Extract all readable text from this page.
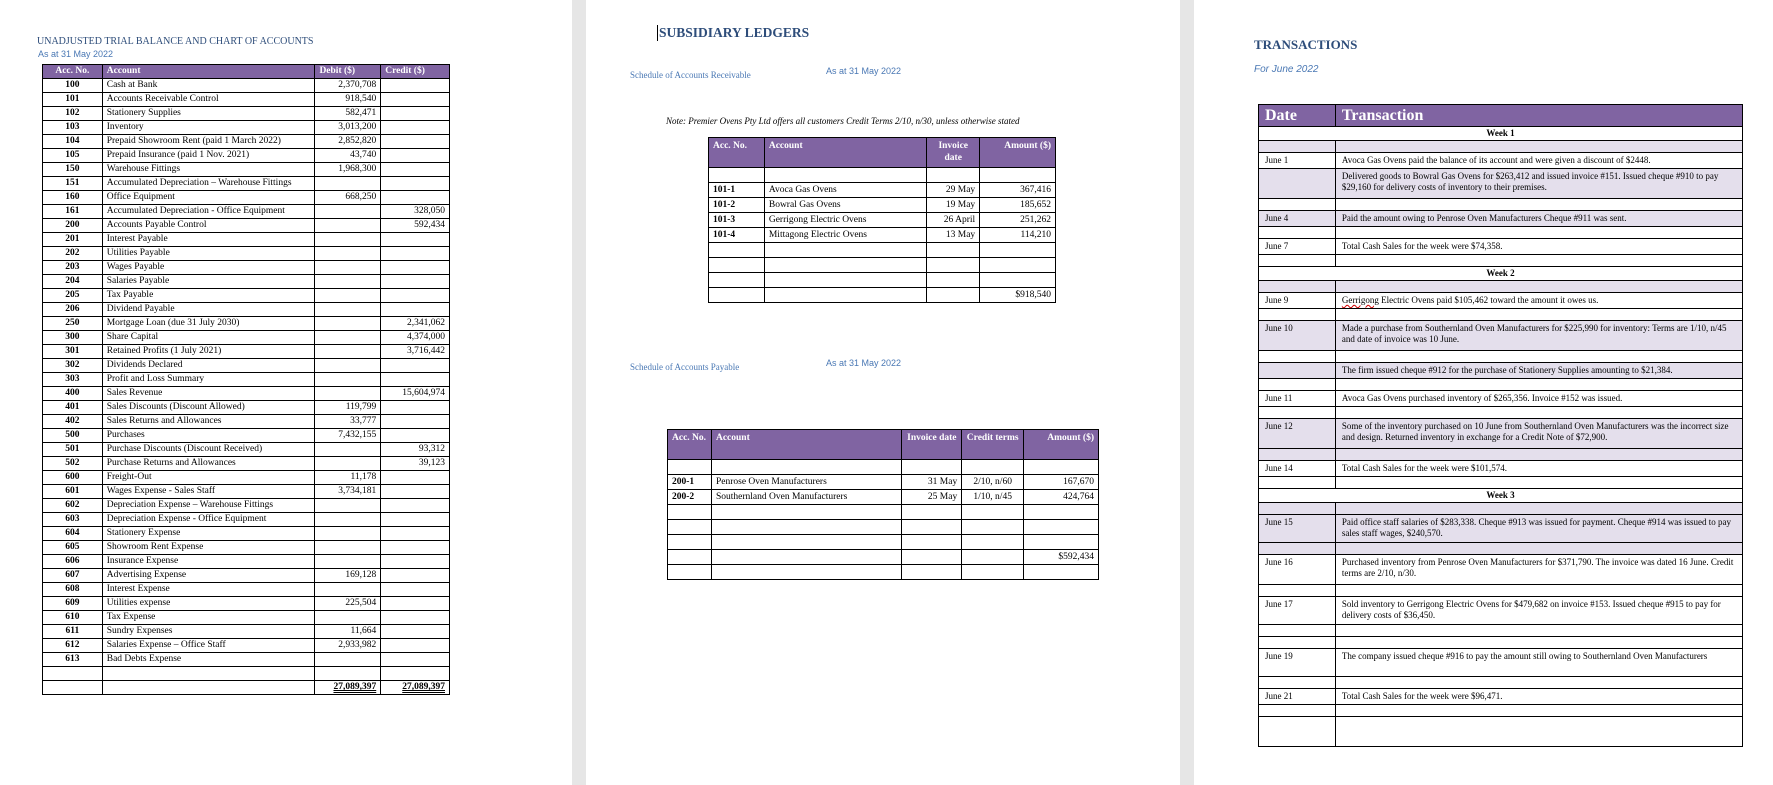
UNADJUSTED TRIAL BALANCE AND CHART OF ACCOUNTS
As at 31 May 2022
Acc. No.	Account	Debit ($)	Credit ($)
100	Cash at Bank	2,370,708	
101	Accounts Receivable Control	918,540	
102	Stationery Supplies	582,471	
103	Inventory	3,013,200	
104	Prepaid Showroom Rent (paid 1 March 2022)	2,852,820	
105	Prepaid Insurance (paid 1 Nov. 2021)	43,740	
150	Warehouse Fittings	1,968,300	
151	Accumulated Depreciation – Warehouse Fittings		
160	Office Equipment	668,250	
161	Accumulated Depreciation - Office Equipment		328,050
200	Accounts Payable Control		592,434
201	Interest Payable		
202	Utilities Payable		
203	Wages Payable		
204	Salaries Payable		
205	Tax Payable		
206	Dividend Payable		
250	Mortgage Loan (due 31 July 2030)		2,341,062
300	Share Capital		4,374,000
301	Retained Profits (1 July 2021)		3,716,442
302	Dividends Declared		
303	Profit and Loss Summary		
400	Sales Revenue		15,604,974
401	Sales Discounts (Discount Allowed)	119,799	
402	Sales Returns and Allowances	33,777	
500	Purchases	7,432,155	
501	Purchase Discounts (Discount Received)		93,312
502	Purchase Returns and Allowances		39,123
600	Freight-Out	11,178	
601	Wages Expense - Sales Staff	3,734,181	
602	Depreciation Expense – Warehouse Fittings		
603	Depreciation Expense - Office Equipment		
604	Stationery Expense		
605	Showroom Rent Expense		
606	Insurance Expense		
607	Advertising Expense	169,128	
608	Interest Expense		
609	Utilities expense	225,504	
610	Tax Expense		
611	Sundry Expenses	11,664	
612	Salaries Expense – Office Staff	2,933,982	
613	Bad Debts Expense		

		27,089,397	27,089,397
SUBSIDIARY LEDGERS
Schedule of Accounts Receivable	As at 31 May 2022
Note: Premier Ovens Pty Ltd offers all customers Credit Terms 2/10, n/30, unless otherwise stated
Acc. No.	Account	Invoice date	Amount ($)

101-1	Avoca Gas Ovens	29 May	367,416
101-2	Bowral Gas Ovens	19 May	185,652
101-3	Gerrigong Electric Ovens	26 April	251,262
101-4	Mittagong Electric Ovens	13 May	114,210

			$918,540
Schedule of Accounts Payable	As at 31 May 2022
Acc. No.	Account	Invoice date	Credit terms	Amount ($)

200-1	Penrose Oven Manufacturers	31 May	2/10, n/60	167,670
200-2	Southernland Oven Manufacturers	25 May	1/10, n/45	424,764

				$592,434

TRANSACTIONS
For June 2022
Date	Transaction
Week 1	

June 1	Avoca Gas Ovens paid the balance of its account and were given a discount of $2448.
	Delivered goods to Bowral Gas Ovens for $263,412 and issued invoice #151. Issued cheque #910 to pay $29,160 for delivery costs of inventory to their premises.

June 4	Paid the amount owing to Penrose Oven Manufacturers Cheque #911 was sent.

June 7	Total Cash Sales for the week were $74,358.

Week 2	

June 9	Gerrigong Electric Ovens paid $105,462 toward the amount it owes us.

June 10	Made a purchase from Southernland Oven Manufacturers for $225,990 for inventory: Terms are 1/10, n/45 and date of invoice was 10 June.

	The firm issued cheque #912 for the purchase of Stationery Supplies amounting to $21,384.

June 11	Avoca Gas Ovens purchased inventory of $265,356. Invoice #152 was issued.

June 12	Some of the inventory purchased on 10 June from Southernland Oven Manufacturers was the incorrect size and design. Returned inventory in exchange for a Credit Note of $72,900.

June 14	Total Cash Sales for the week were $101,574.

Week 3	

June 15	Paid office staff salaries of $283,338. Cheque #913 was issued for payment. Cheque #914 was issued to pay sales staff wages, $240,570.

June 16	Purchased inventory from Penrose Oven Manufacturers for $371,790. The invoice was dated 16 June. Credit terms are 2/10, n/30.

June 17	Sold inventory to Gerrigong Electric Ovens for $479,682 on invoice #153. Issued cheque #915 to pay for delivery costs of $36,450.

June 19	The company issued cheque #916 to pay the amount still owing to Southernland Oven Manufacturers

June 21	Total Cash Sales for the week were $96,471.
